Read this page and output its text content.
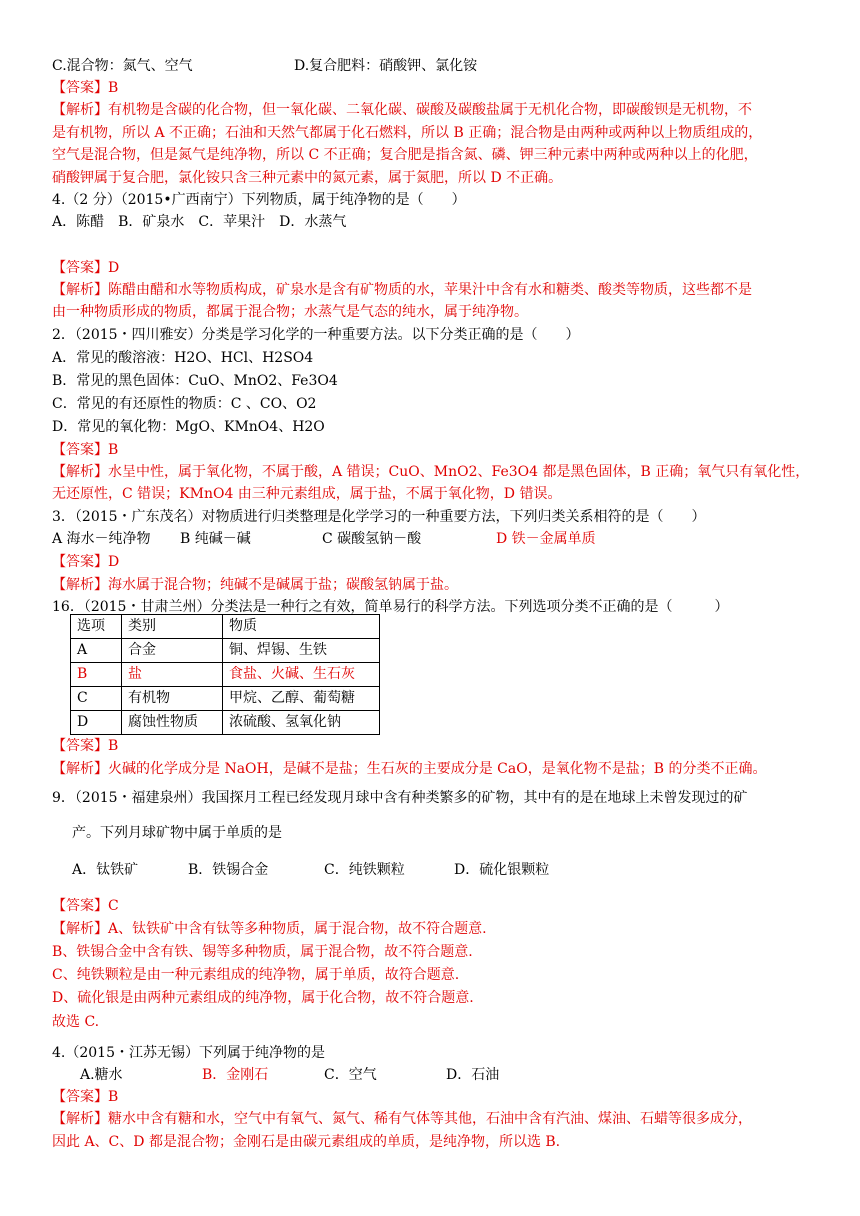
C.混合物：氮气、空气	D.复合肥料：硝酸钾、氯化铵
【答案】B
【解析】有机物是含碳的化合物，但一氧化碳、二氧化碳、碳酸及碳酸盐属于无机化合物，即碳酸钡是无机物，不
是有机物，所以 A 不正确；石油和天然气都属于化石燃料，所以 B 正确；混合物是由两种或两种以上物质组成的，
空气是混合物，但是氮气是纯净物，所以 C 不正确；复合肥是指含氮、磷、钾三种元素中两种或两种以上的化肥，
硝酸钾属于复合肥，氯化铵只含三种元素中的氮元素，属于氮肥，所以 D 不正确。
4.（2 分）（2015•广西南宁）下列物质，属于纯净物的是（　　）
A．陈醋　B．矿泉水　C．苹果汁　D．水蒸气
【答案】D
【解析】陈醋由醋和水等物质构成，矿泉水是含有矿物质的水，苹果汁中含有水和糖类、酸类等物质，这些都不是
由一种物质形成的物质，都属于混合物；水蒸气是气态的纯水，属于纯净物。
2．（2015・四川雅安）分类是学习化学的一种重要方法。以下分类正确的是（　　）
A．常见的酸溶液：H2O、HCl、H2SO4
B．常见的黑色固体：CuO、MnO2、Fe3O4
C．常见的有还原性的物质：C 、CO、O2
D．常见的氧化物：MgO、KMnO4、H2O
【答案】B
【解析】水呈中性，属于氧化物，不属于酸，A 错误；CuO、MnO2、Fe3O4 都是黑色固体，B 正确；氧气只有氧化性，
无还原性，C 错误；KMnO4 由三种元素组成，属于盐，不属于氧化物，D 错误。
3．（2015・广东茂名）对物质进行归类整理是化学学习的一种重要方法，下列归类关系相符的是（　　）
A 海水－纯净物 B 纯碱－碱	C 碳酸氢钠－酸	D 铁－金属单质
【答案】D
【解析】海水属于混合物；纯碱不是碱属于盐；碳酸氢钠属于盐。
16．（2015・甘肃兰州）分类法是一种行之有效，简单易行的科学方法。下列选项分类不正确的是（　　　）
选项	类别	物质
A	合金	铜、焊锡、生铁
B	盐	食盐、火碱、生石灰
C	有机物	甲烷、乙醇、葡萄糖
D	腐蚀性物质	浓硫酸、氢氧化钠
【答案】B
【解析】火碱的化学成分是 NaOH，是碱不是盐；生石灰的主要成分是 CaO，是氧化物不是盐；B 的分类不正确。
9．（2015・福建泉州）我国探月工程已经发现月球中含有种类繁多的矿物，其中有的是在地球上未曾发现过的矿
产。下列月球矿物中属于单质的是
A．钛铁矿	B．铁锡合金	C．纯铁颗粒	D．硫化银颗粒
【答案】C
【解析】A、钛铁矿中含有钛等多种物质，属于混合物，故不符合题意.
B、铁锡合金中含有铁、锡等多种物质，属于混合物，故不符合题意.
C、纯铁颗粒是由一种元素组成的纯净物，属于单质，故符合题意.
D、硫化银是由两种元素组成的纯净物，属于化合物，故不符合题意.
故选 C.
4.（2015・江苏无锡）下列属于纯净物的是
A.糖水	B．金刚石	C．空气	D．石油
【答案】B
【解析】糖水中含有糖和水，空气中有氧气、氮气、稀有气体等其他，石油中含有汽油、煤油、石蜡等很多成分，
因此 A、C、D 都是混合物；金刚石是由碳元素组成的单质，是纯净物，所以选 B.
